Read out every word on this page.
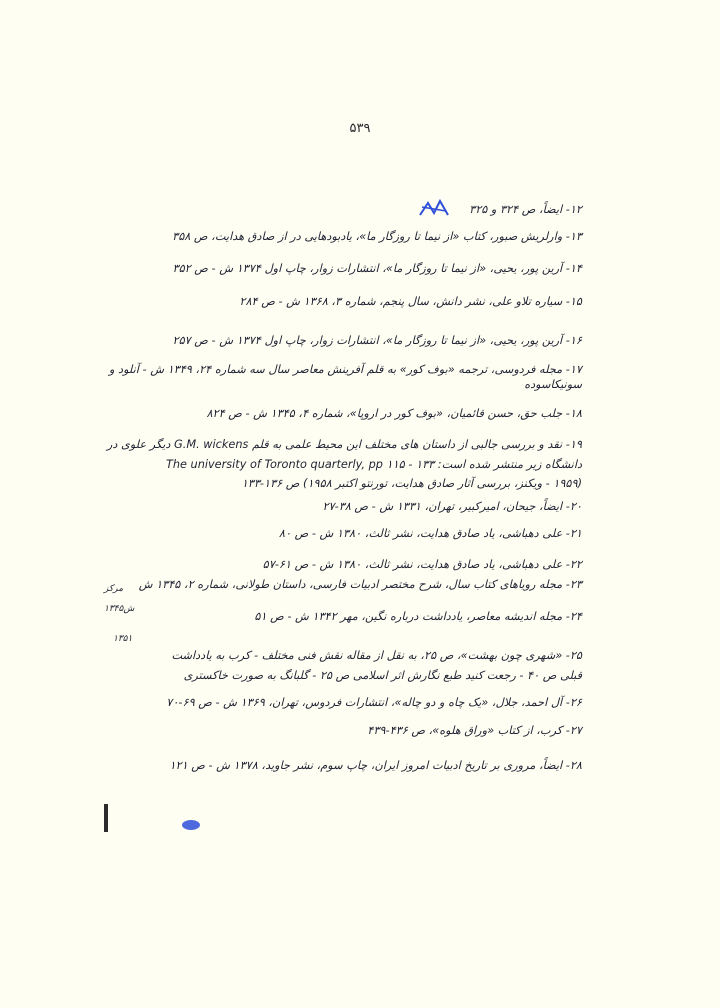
۵۳۹
مرکز
۱۳۴۵ش
۱۳۵۱

۱۲- ایضاً، ص ۳۲۴ و ۳۲۵

۱۳- وارلریش صبور، کتاب «از نیما تا روزگار ما»، یادبودهایی در از صادق هدایت، ص ۳۵۸

۱۴- آرین پور، یحیی، «از نیما تا روزگار ما»، انتشارات زوار، چاپ اول ۱۳۷۴ ش - ص ۳۵۲

۱۵- سیاره تلاو علی، نشر دانش، سال پنجم، شماره ۳، ۱۳۶۸ ش - ص ۲۸۴

۱۶- آرین پور، یحیی، «از نیما تا روزگار ما»، انتشارات زوار، چاپ اول ۱۳۷۴ ش - ص ۲۵۷

۱۷- مجله فردوسی، ترجمه «بوف کور» به قلم آفرینش معاصر سال سه شماره ۲۴، ۱۳۴۹ ش - آنلود و
سونیکاسوده

۱۸- جلب حق، حسن قائمیان، «بوف کور در اروپا»، شماره ۴، ۱۳۴۵ ش - ص ۸۲۴

۱۹- نقد و بررسی جالبی از داستان های مختلف این محیط علمی به قلم G.M. wickens دیگر علوی در
دانشگاه زیر منتشر شده است: ۱۳۳ - ۱۱۵ The university of Toronto quarterly, pp
(۱۹۵۹ - ویکنز، بررسی آثار صادق هدایت، تورنتو اکتبر ۱۹۵۸) ص ۱۳۶-۱۳۳

۲۰- ایضاً، جیحان، امیرکبیر، تهران، ۱۳۳۱ ش - ص ۳۸-۲۷

۲۱- علی دهباشی، یاد صادق هدایت، نشر ثالث، ۱۳۸۰ ش - ص ۸۰

۲۲- علی دهباشی، یاد صادق هدایت، نشر ثالث، ۱۳۸۰ ش - ص ۶۱-۵۷

۲۳- مجله رویاهای کتاب سال، شرح مختصر ادبیات فارسی، داستان طولانی، شماره ۲، ۱۳۴۵ ش

۲۴- مجله اندیشه معاصر، یادداشت درباره نگین، مهر ۱۳۴۲ ش - ص ۵۱

۲۵- «شهری چون بهشت»، ص ۲۵، به نقل از مقاله نقش فنی مختلف - کرب به یادداشت
قبلی ص ۴۰ - رجعت کنید طبع نگارش اثر اسلامی ص ۲۵ - گلبانگ به صورت خاکستری

۲۶- آل احمد، جلال، «یک چاه و دو چاله»، انتشارات فردوس، تهران، ۱۳۶۹ ش - ص ۶۹-۷۰

۲۷- کرب، از کتاب «وراق هلوه»، ص ۴۳۶-۴۳۹

۲۸- ایضاً، مروری بر تاریخ ادبیات امروز ایران، چاپ سوم، نشر جاوید، ۱۳۷۸ ش - ص ۱۲۱
